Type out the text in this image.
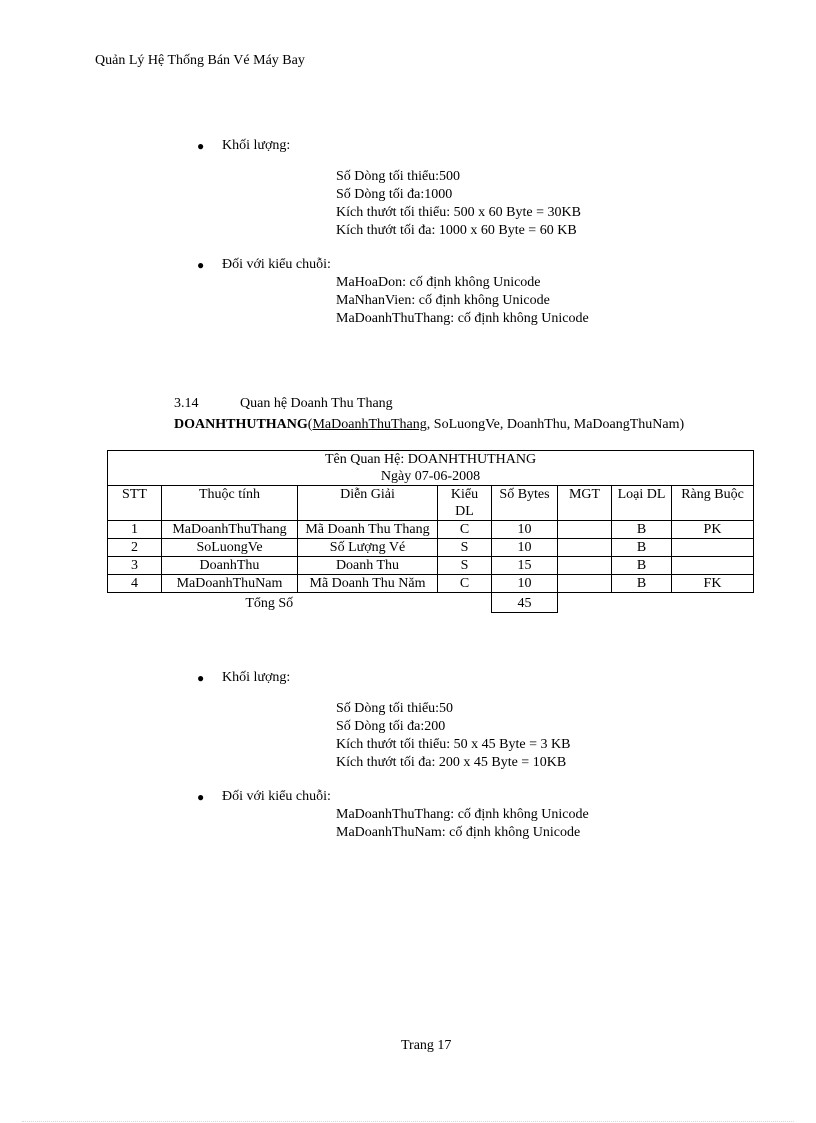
Quản Lý Hệ Thống Bán Vé Máy Bay
● Khối lượng:
Số Dòng tối thiểu:500
Số Dòng tối đa:1000
Kích thướt tối thiểu: 500 x 60 Byte = 30KB
Kích thướt tối đa: 1000 x 60 Byte = 60 KB
● Đối với kiểu chuỗi:
MaHoaDon: cố định không Unicode
MaNhanVien: cố định không Unicode
MaDoanhThuThang: cố định không Unicode
3.14	Quan hệ Doanh Thu Thang
DOANHTHUTHANG(MaDoanhThuThang, SoLuongVe, DoanhThu, MaDoangThuNam)
Tên Quan Hệ: DOANHTHUTHANG
Ngày 07-06-2008							

STT	Thuộc tính	Diễn Giải	Kiểu DL	Số Bytes	MGT	Loại DL	Ràng Buộc
1	MaDoanhThuThang	Mã Doanh Thu Thang	C	10		B	PK
2	SoLuongVe	Số Lượng Vé	S	10		B	
3	DoanhThu	Doanh Thu	S	15		B	
4	MaDoanhThuNam	Mã Doanh Thu Năm	C	10		B	FK
Tổng Số				45			
● Khối lượng:
Số Dòng tối thiểu:50
Số Dòng tối đa:200
Kích thướt tối thiểu: 50 x 45 Byte = 3 KB
Kích thướt tối đa: 200 x 45 Byte = 10KB
● Đối với kiểu chuỗi:
MaDoanhThuThang: cố định không Unicode
MaDoanhThuNam: cố định không Unicode
Trang 17
